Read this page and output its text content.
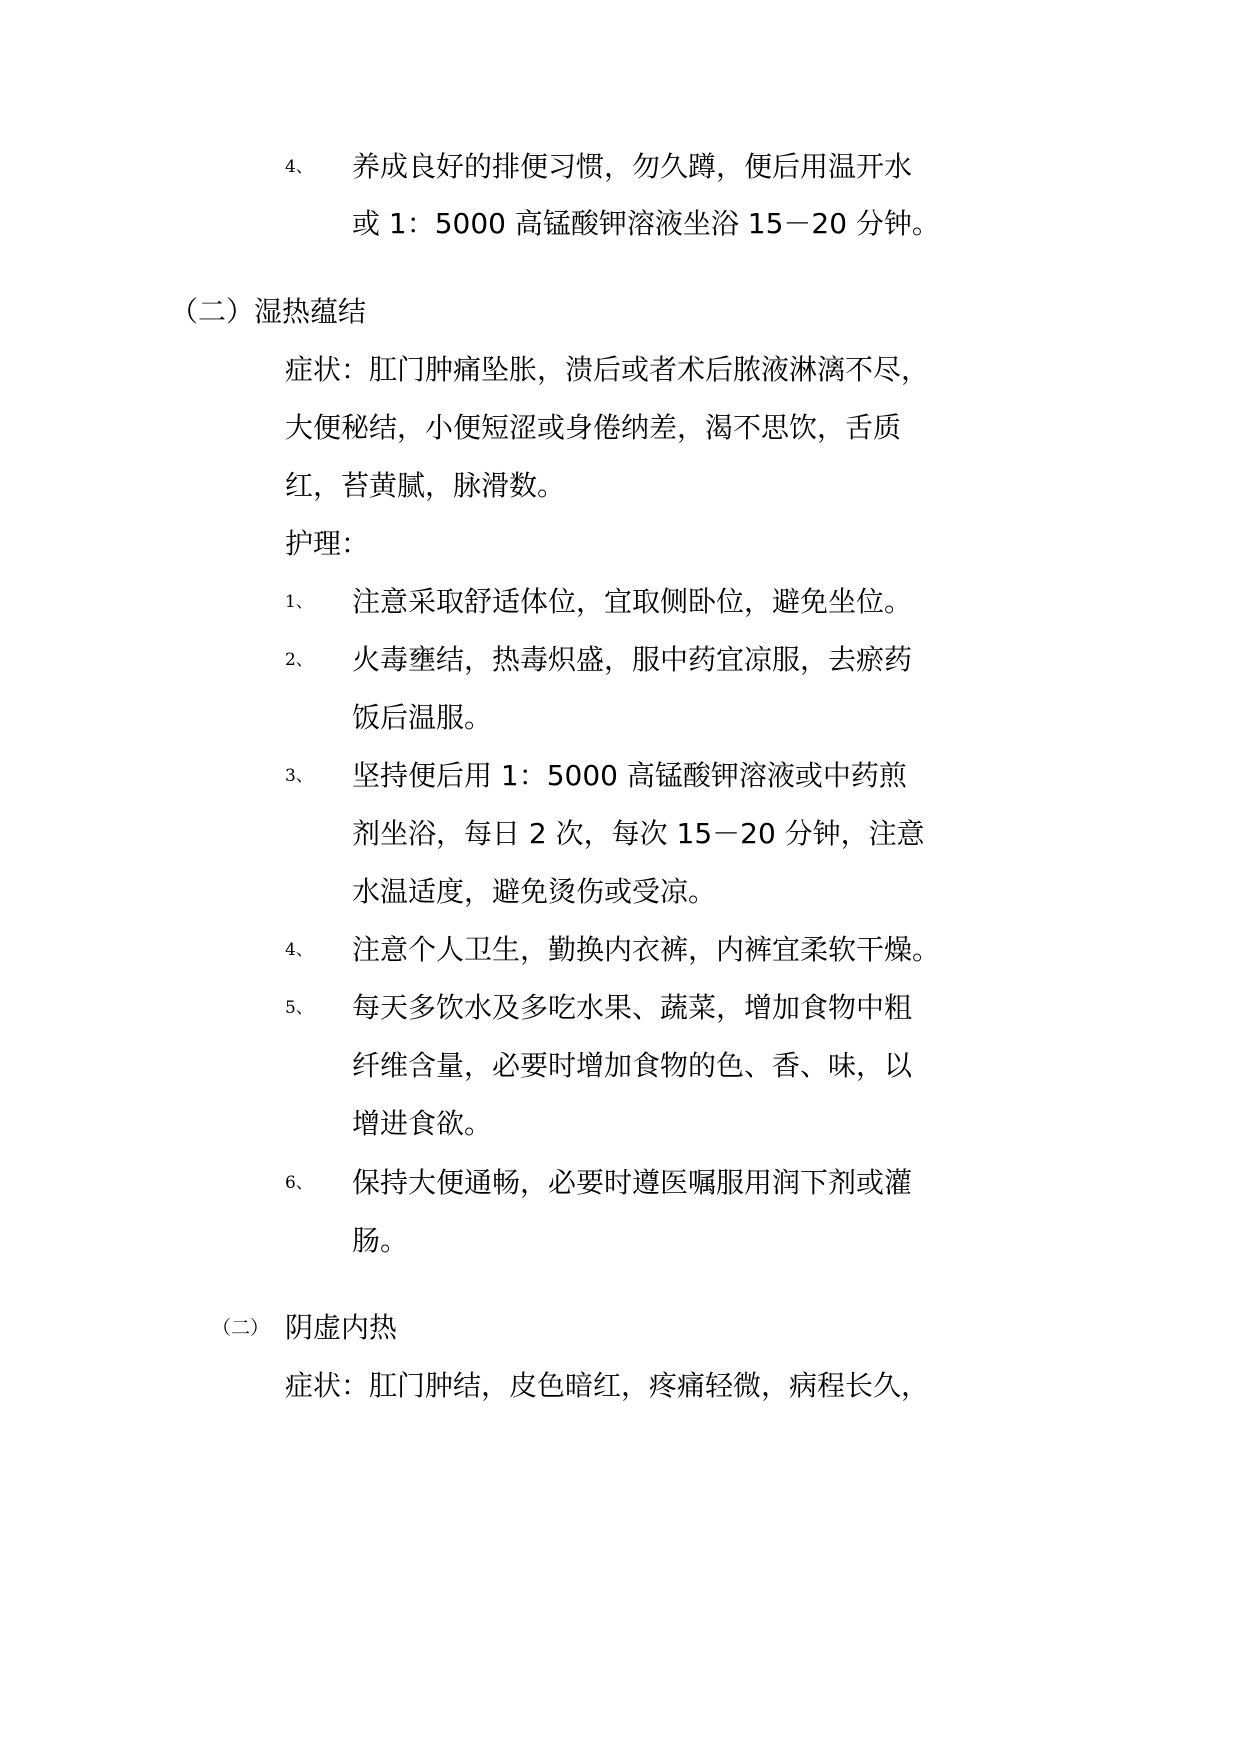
4、 养成良好的排便习惯，勿久蹲，便后用温开水
或 1：5000 高锰酸钾溶液坐浴 15－20 分钟。
（二）湿热蕴结
症状：肛门肿痛坠胀，溃后或者术后脓液淋漓不尽，
大便秘结，小便短涩或身倦纳差，渴不思饮，舌质
红，苔黄腻，脉滑数。
护理：
1、 注意采取舒适体位，宜取侧卧位，避免坐位。
2、 火毒壅结，热毒炽盛，服中药宜凉服，去瘀药
饭后温服。
3、 坚持便后用 1：5000 高锰酸钾溶液或中药煎
剂坐浴，每日 2 次，每次 15－20 分钟，注意
水温适度，避免烫伤或受凉。
4、 注意个人卫生，勤换内衣裤，内裤宜柔软干燥。
5、 每天多饮水及多吃水果、蔬菜，增加食物中粗
纤维含量，必要时增加食物的色、香、味，以
增进食欲。
6、 保持大便通畅，必要时遵医嘱服用润下剂或灌
肠。
（二） 阴虚内热
症状：肛门肿结，皮色暗红，疼痛轻微，病程长久，
